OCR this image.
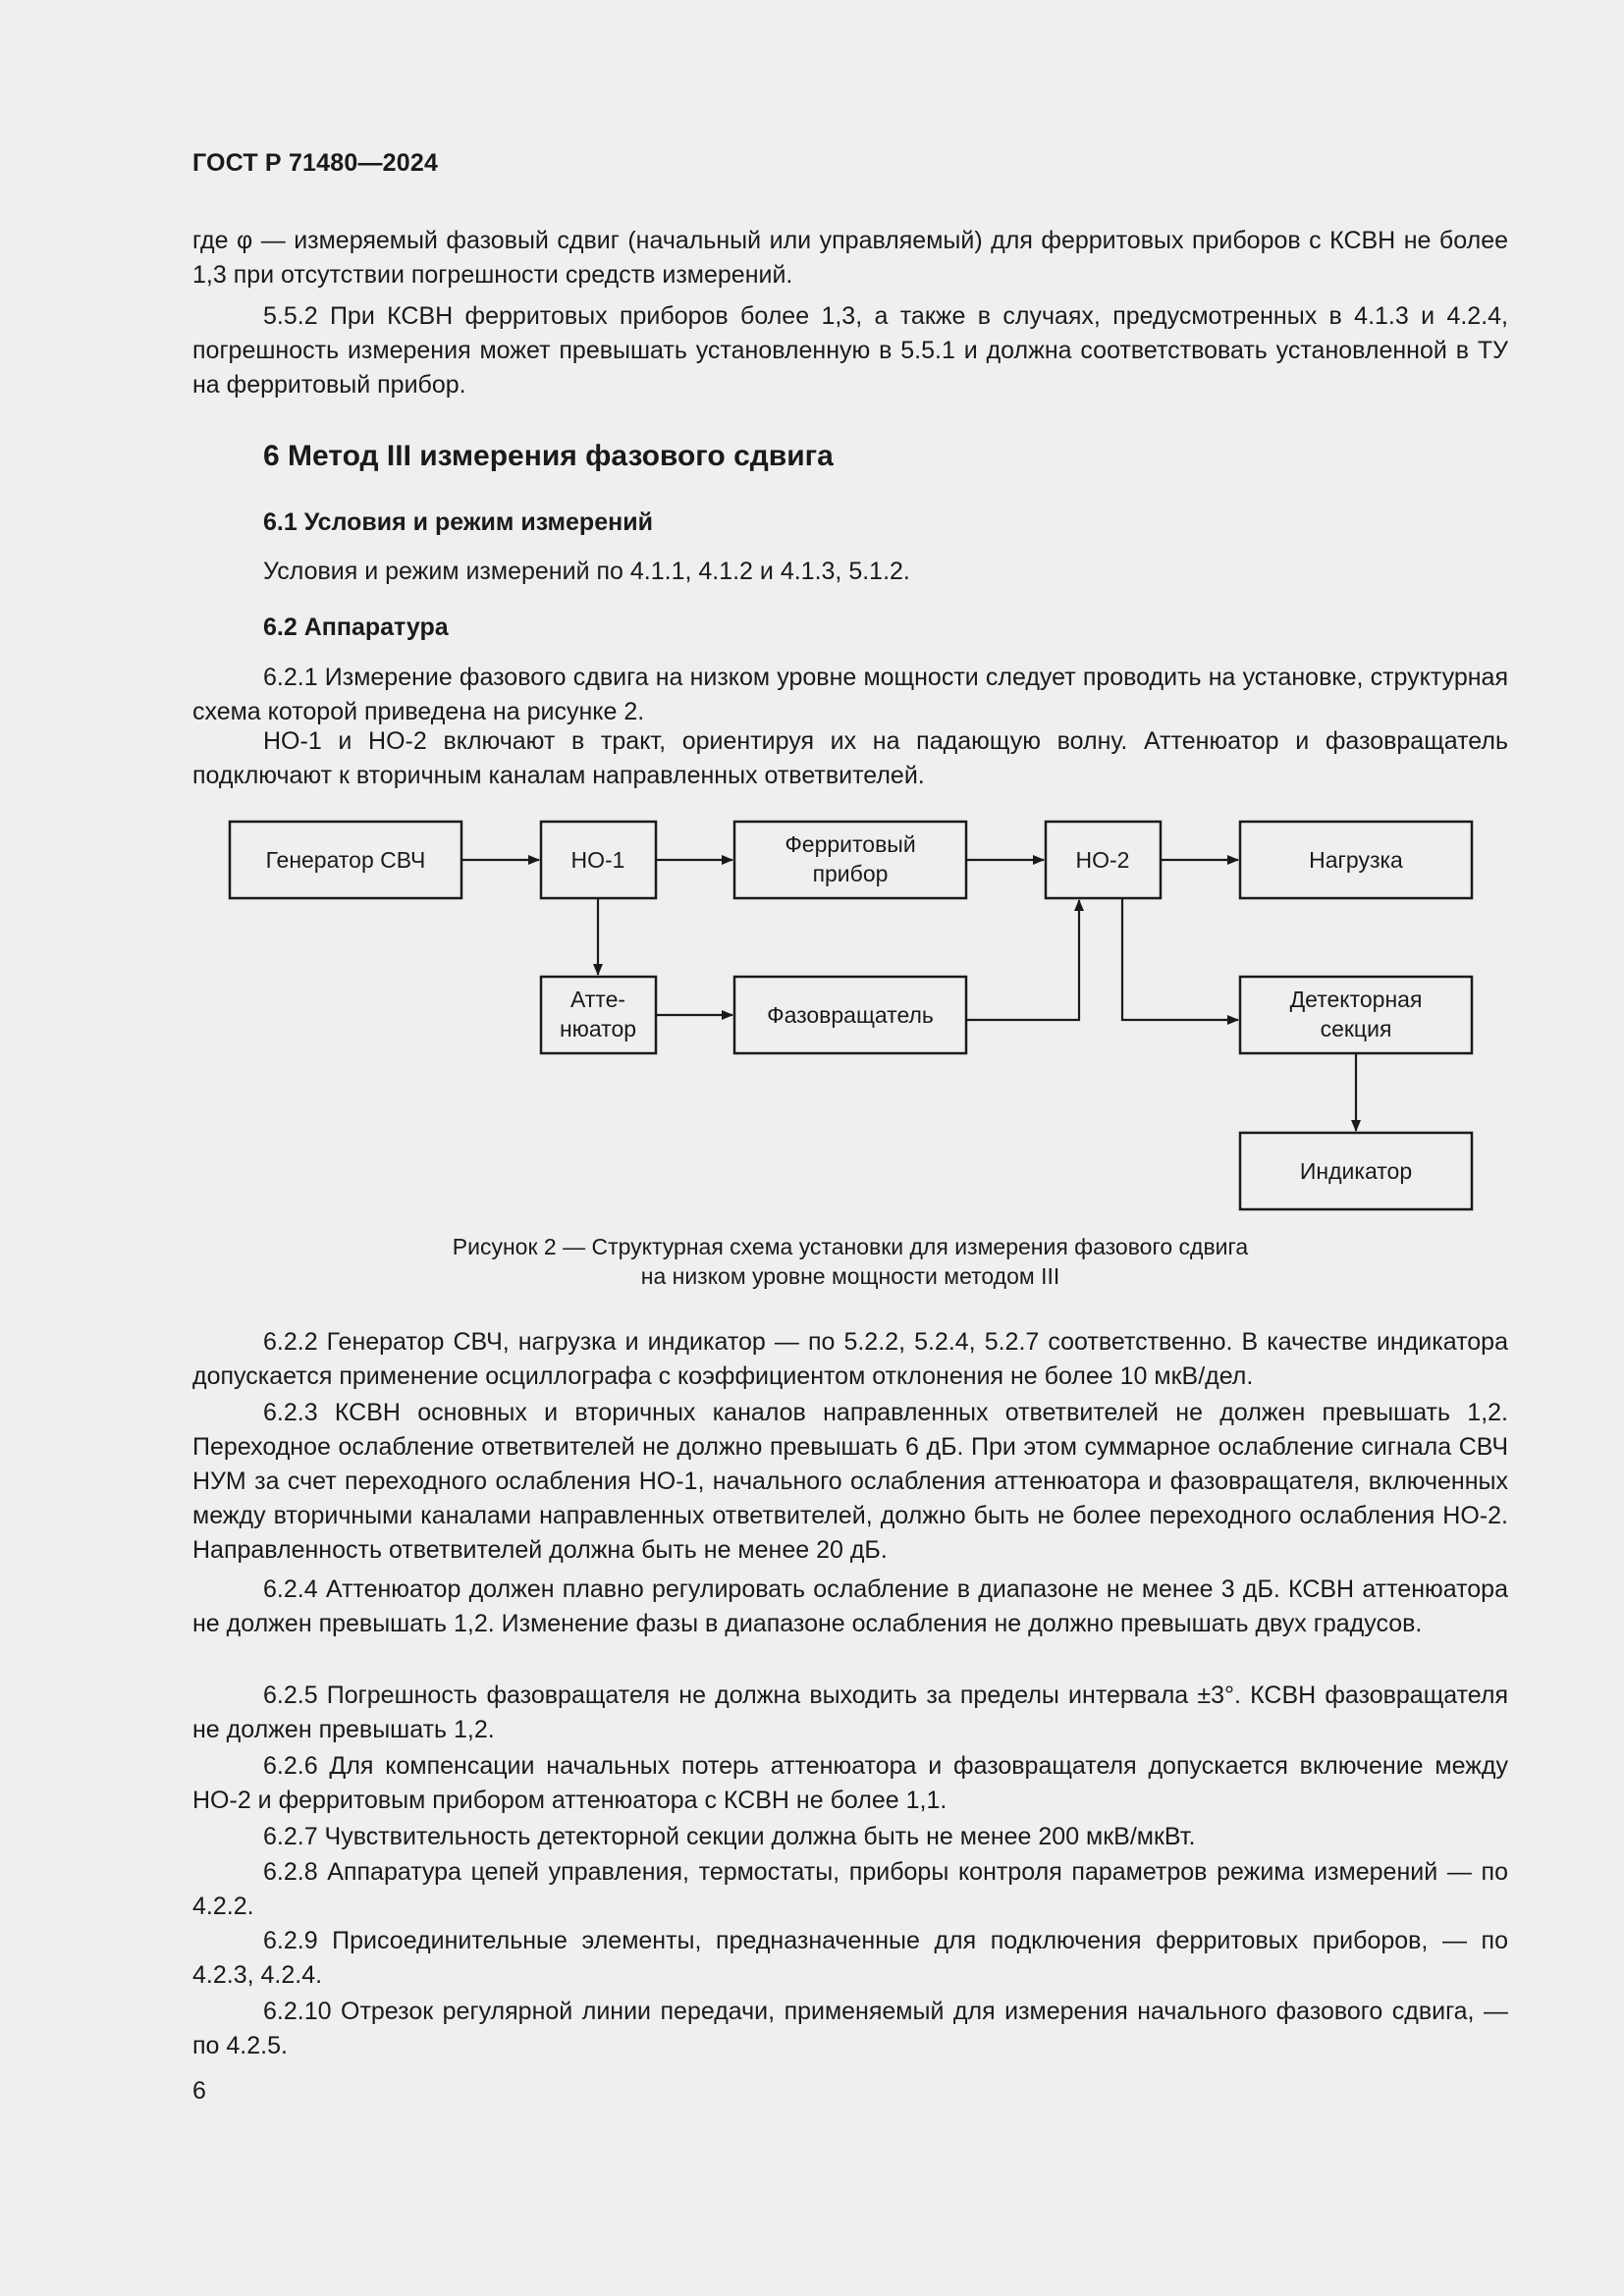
ГОСТ Р 71480—2024

где φ — измеряемый фазовый сдвиг (начальный или управляемый) для ферритовых приборов с КСВН не более 1,3 при отсутствии погрешности средств измерений.

5.5.2 При КСВН ферритовых приборов более 1,3, а также в случаях, предусмотренных в 4.1.3 и 4.2.4, погрешность измерения может превышать установленную в 5.5.1 и должна соответствовать установленной в ТУ на ферритовый прибор.

6 Метод III измерения фазового сдвига
6.1 Условия и режим измерений

Условия и режим измерений по 4.1.1, 4.1.2 и 4.1.3, 5.1.2.

6.2 Аппаратура

6.2.1 Измерение фазового сдвига на низком уровне мощности следует проводить на установке, структурная схема которой приведена на рисунке 2.

НО-1 и НО-2 включают в тракт, ориентируя их на падающую волну. Аттенюатор и фазовращатель подключают к вторичным каналам направленных ответвителей.

Генератор СВЧ	НО-1
Ферритовый
прибор
НО-2	Нагрузка
Атте-
нюатор
Фазовращатель
Детекторная
секция
Индикатор

Рисунок 2 — Структурная схема установки для измерения фазового сдвига
на низком уровне мощности методом III

6.2.2 Генератор СВЧ, нагрузка и индикатор — по 5.2.2, 5.2.4, 5.2.7 соответственно. В качестве индикатора допускается применение осциллографа с коэффициентом отклонения не более 10 мкВ/дел.

6.2.3 КСВН основных и вторичных каналов направленных ответвителей не должен превышать 1,2. Переходное ослабление ответвителей не должно превышать 6 дБ. При этом суммарное ослабление сигнала СВЧ НУМ за счет переходного ослабления НО-1, начального ослабления аттенюатора и фазовращателя, включенных между вторичными каналами направленных ответвителей, должно быть не более переходного ослабления НО-2. Направленность ответвителей должна быть не менее 20 дБ.

6.2.4 Аттенюатор должен плавно регулировать ослабление в диапазоне не менее 3 дБ. КСВН аттенюатора не должен превышать 1,2. Изменение фазы в диапазоне ослабления не должно превышать двух градусов.

6.2.5 Погрешность фазовращателя не должна выходить за пределы интервала ±3°. КСВН фазовращателя не должен превышать 1,2.

6.2.6 Для компенсации начальных потерь аттенюатора и фазовращателя допускается включение между НО-2 и ферритовым прибором аттенюатора с КСВН не более 1,1.

6.2.7 Чувствительность детекторной секции должна быть не менее 200 мкВ/мкВт.

6.2.8 Аппаратура цепей управления, термостаты, приборы контроля параметров режима измерений — по 4.2.2.

6.2.9 Присоединительные элементы, предназначенные для подключения ферритовых приборов, — по 4.2.3, 4.2.4.

6.2.10 Отрезок регулярной линии передачи, применяемый для измерения начального фазового сдвига, — по 4.2.5.

6
